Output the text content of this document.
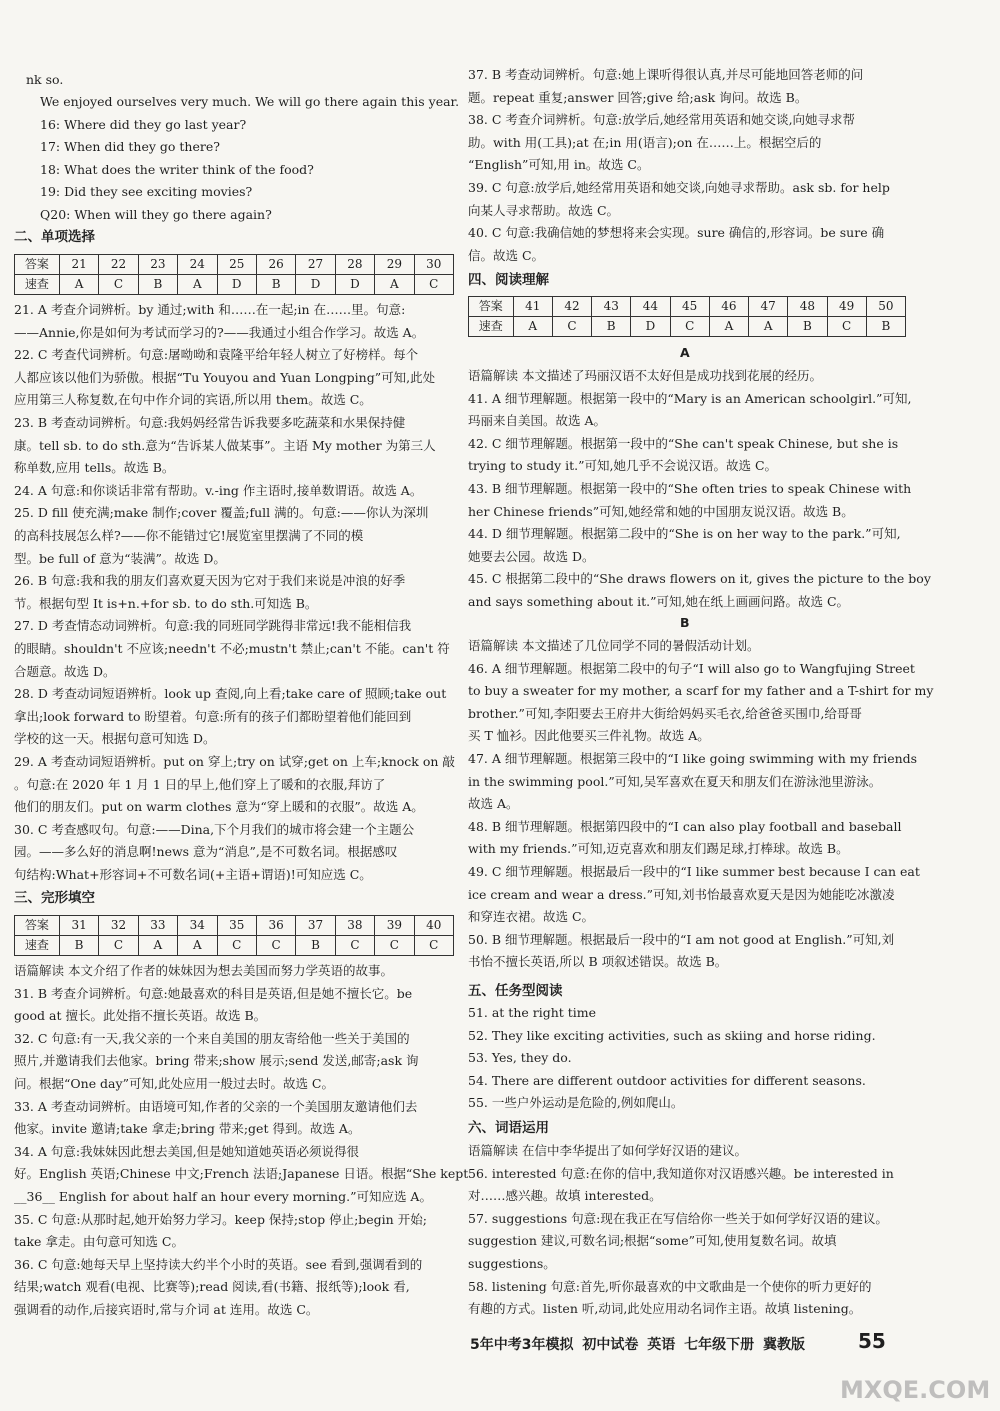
nk so.
We enjoyed ourselves very much. We will go there again this year.
16: Where did they go last year?
17: When did they go there?
18: What does the writer think of the food?
19: Did they see exciting movies?
Q20: When will they go there again?
二、单项选择
答案	21	22	23	24	25	26	27	28	29	30
速查	A	C	B	A	D	B	D	D	A	C
21. A 考查介词辨析。by 通过;with 和……在一起;in 在……里。句意:
——Annie,你是如何为考试而学习的?——我通过小组合作学习。故选 A。
22. C 考查代词辨析。句意:屠呦呦和袁隆平给年轻人树立了好榜样。每个
人都应该以他们为骄傲。根据“Tu Youyou and Yuan Longping”可知,此处
应用第三人称复数,在句中作介词的宾语,所以用 them。故选 C。
23. B 考查动词辨析。句意:我妈妈经常告诉我要多吃蔬菜和水果保持健
康。tell sb. to do sth.意为“告诉某人做某事”。主语 My mother 为第三人
称单数,应用 tells。故选 B。
24. A 句意:和你谈话非常有帮助。v.-ing 作主语时,接单数谓语。故选 A。
25. D fill 使充满;make 制作;cover 覆盖;full 满的。句意:——你认为深圳
的高科技展怎么样?——你不能错过它!展览室里摆满了不同的模
型。be full of 意为“装满”。故选 D。
26. B 句意:我和我的朋友们喜欢夏天因为它对于我们来说是冲浪的好季
节。根据句型 It is+n.+for sb. to do sth.可知选 B。
27. D 考查情态动词辨析。句意:我的同班同学跳得非常远!我不能相信我
的眼睛。shouldn't 不应该;needn't 不必;mustn't 禁止;can't 不能。can't 符
合题意。故选 D。
28. D 考查动词短语辨析。look up 查阅,向上看;take care of 照顾;take out
拿出;look forward to 盼望着。句意:所有的孩子们都盼望着他们能回到
学校的这一天。根据句意可知选 D。
29. A 考查动词短语辨析。put on 穿上;try on 试穿;get on 上车;knock on 敲
。句意:在 2020 年 1 月 1 日的早上,他们穿上了暖和的衣服,拜访了
他们的朋友们。put on warm clothes 意为“穿上暖和的衣服”。故选 A。
30. C 考查感叹句。句意:——Dina,下个月我们的城市将会建一个主题公
园。——多么好的消息啊!news 意为“消息”,是不可数名词。根据感叹
句结构:What+形容词+不可数名词(+主语+谓语)!可知应选 C。
三、完形填空
答案	31	32	33	34	35	36	37	38	39	40
速查	B	C	A	A	C	C	B	C	C	C
语篇解读 本文介绍了作者的妹妹因为想去美国而努力学英语的故事。
31. B 考查介词辨析。句意:她最喜欢的科目是英语,但是她不擅长它。be
good at 擅长。此处指不擅长英语。故选 B。
32. C 句意:有一天,我父亲的一个来自美国的朋友寄给他一些关于美国的
照片,并邀请我们去他家。bring 带来;show 展示;send 发送,邮寄;ask 询
问。根据“One day”可知,此处应用一般过去时。故选 C。
33. A 考查动词辨析。由语境可知,作者的父亲的一个美国朋友邀请他们去
他家。invite 邀请;take 拿走;bring 带来;get 得到。故选 A。
34. A 句意:我妹妹因此想去美国,但是她知道她英语必须说得很
好。English 英语;Chinese 中文;French 法语;Japanese 日语。根据“She kept
__36__ English for about half an hour every morning.”可知应选 A。
35. C 句意:从那时起,她开始努力学习。keep 保持;stop 停止;begin 开始;
take 拿走。由句意可知选 C。
36. C 句意:她每天早上坚持读大约半个小时的英语。see 看到,强调看到的
结果;watch 观看(电视、比赛等);read 阅读,看(书籍、报纸等);look 看,
强调看的动作,后接宾语时,常与介词 at 连用。故选 C。
37. B 考查动词辨析。句意:她上课听得很认真,并尽可能地回答老师的问
题。repeat 重复;answer 回答;give 给;ask 询问。故选 B。
38. C 考查介词辨析。句意:放学后,她经常用英语和她交谈,向她寻求帮
助。with 用(工具);at 在;in 用(语言);on 在……上。根据空后的
“English”可知,用 in。故选 C。
39. C 句意:放学后,她经常用英语和她交谈,向她寻求帮助。ask sb. for help
向某人寻求帮助。故选 C。
40. C 句意:我确信她的梦想将来会实现。sure 确信的,形容词。be sure 确
信。故选 C。
四、阅读理解
答案	41	42	43	44	45	46	47	48	49	50
速查	A	C	B	D	C	A	A	B	C	B
A
语篇解读 本文描述了玛丽汉语不太好但是成功找到花展的经历。
41. A 细节理解题。根据第一段中的“Mary is an American schoolgirl.”可知,
玛丽来自美国。故选 A。
42. C 细节理解题。根据第一段中的“She can't speak Chinese, but she is
trying to study it.”可知,她几乎不会说汉语。故选 C。
43. B 细节理解题。根据第一段中的“She often tries to speak Chinese with
her Chinese friends”可知,她经常和她的中国朋友说汉语。故选 B。
44. D 细节理解题。根据第二段中的“She is on her way to the park.”可知,
她要去公园。故选 D。
45. C 根据第二段中的“She draws flowers on it, gives the picture to the boy
and says something about it.”可知,她在纸上画画问路。故选 C。
B
语篇解读 本文描述了几位同学不同的暑假活动计划。
46. A 细节理解题。根据第二段中的句子“I will also go to Wangfujing Street
to buy a sweater for my mother, a scarf for my father and a T-shirt for my
brother.”可知,李阳要去王府井大街给妈妈买毛衣,给爸爸买围巾,给哥哥
买 T 恤衫。因此他要买三件礼物。故选 A。
47. A 细节理解题。根据第三段中的“I like going swimming with my friends
in the swimming pool.”可知,吴军喜欢在夏天和朋友们在游泳池里游泳。
故选 A。
48. B 细节理解题。根据第四段中的“I can also play football and baseball
with my friends.”可知,迈克喜欢和朋友们踢足球,打棒球。故选 B。
49. C 细节理解题。根据最后一段中的“I like summer best because I can eat
ice cream and wear a dress.”可知,刘书怡最喜欢夏天是因为她能吃冰激凌
和穿连衣裙。故选 C。
50. B 细节理解题。根据最后一段中的“I am not good at English.”可知,刘
书怡不擅长英语,所以 B 项叙述错误。故选 B。
五、任务型阅读
51. at the right time
52. They like exciting activities, such as skiing and horse riding.
53. Yes, they do.
54. There are different outdoor activities for different seasons.
55. 一些户外运动是危险的,例如爬山。
六、词语运用
语篇解读 在信中李华提出了如何学好汉语的建议。
56. interested 句意:在你的信中,我知道你对汉语感兴趣。be interested in
对……感兴趣。故填 interested。
57. suggestions 句意:现在我正在写信给你一些关于如何学好汉语的建议。
suggestion 建议,可数名词;根据“some”可知,使用复数名词。故填
suggestions。
58. listening 句意:首先,听你最喜欢的中文歌曲是一个使你的听力更好的
有趣的方式。listen 听,动词,此处应用动名词作主语。故填 listening。
5年中考3年模拟 初中试卷 英语 七年级下册 冀教版	55
MXQE.COM
